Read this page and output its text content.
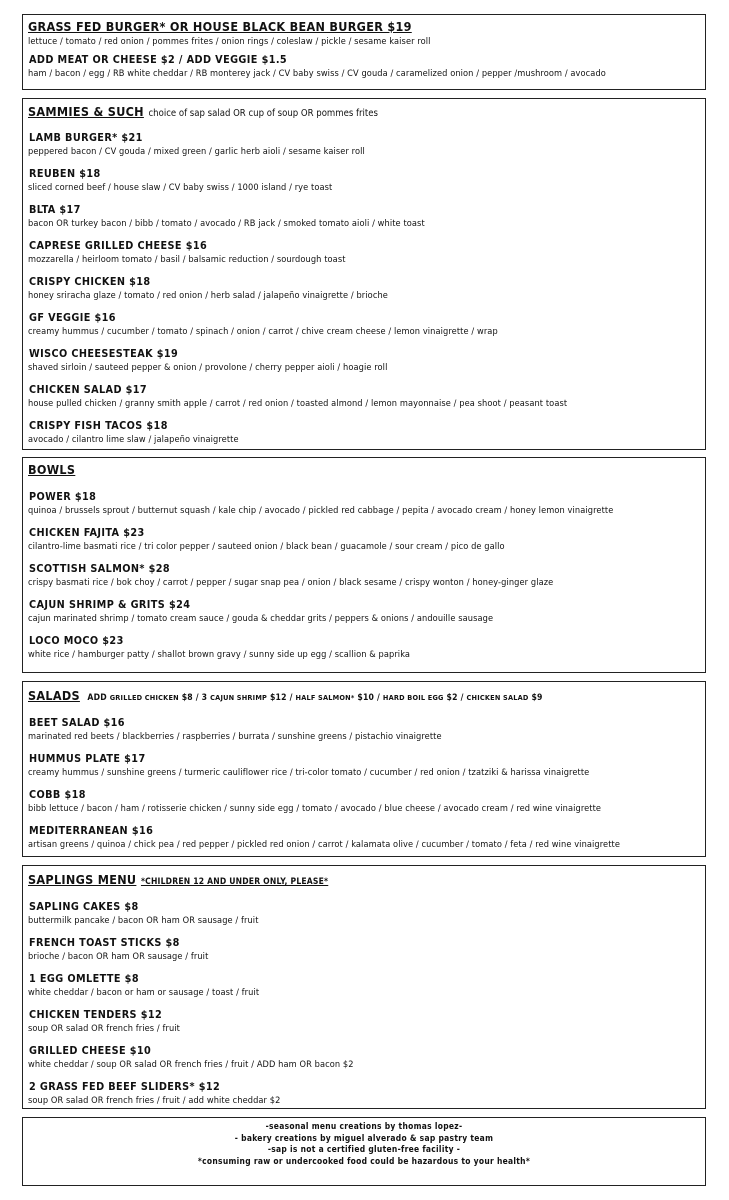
GRASS FED BURGER* OR HOUSE BLACK BEAN BURGER $19
lettuce / tomato / red onion / pommes frites / onion rings / coleslaw / pickle / sesame kaiser roll
ADD MEAT OR CHEESE $2 / ADD VEGGIE $1.5
ham / bacon / egg / RB white cheddar / RB monterey jack / CV baby swiss / CV gouda / caramelized onion / pepper /mushroom / avocado
SAMMIES & SUCH choice of sap salad OR cup of soup OR pommes frites
LAMB BURGER* $21
peppered bacon / CV gouda / mixed green / garlic herb aioli / sesame kaiser roll
REUBEN $18
sliced corned beef / house slaw / CV baby swiss / 1000 island / rye toast
BLTA $17
bacon OR turkey bacon / bibb / tomato / avocado / RB jack / smoked tomato aioli / white toast
CAPRESE GRILLED CHEESE $16
mozzarella / heirloom tomato / basil / balsamic reduction / sourdough toast
CRISPY CHICKEN $18
honey sriracha glaze / tomato / red onion / herb salad / jalapeño vinaigrette / brioche
GF VEGGIE $16
creamy hummus / cucumber / tomato / spinach / onion / carrot / chive cream cheese / lemon vinaigrette / wrap
WISCO CHEESESTEAK $19
shaved sirloin / sauteed pepper & onion / provolone / cherry pepper aioli / hoagie roll
CHICKEN SALAD $17
house pulled chicken / granny smith apple / carrot / red onion / toasted almond / lemon mayonnaise / pea shoot / peasant toast
CRISPY FISH TACOS $18
avocado / cilantro lime slaw / jalapeño vinaigrette
BOWLS
POWER $18
quinoa / brussels sprout / butternut squash / kale chip / avocado / pickled red cabbage / pepita / avocado cream / honey lemon vinaigrette
CHICKEN FAJITA $23
cilantro-lime basmati rice / tri color pepper / sauteed onion / black bean / guacamole / sour cream / pico de gallo
SCOTTISH SALMON* $28
crispy basmati rice / bok choy / carrot / pepper / sugar snap pea / onion / black sesame / crispy wonton / honey-ginger glaze
CAJUN SHRIMP & GRITS $24
cajun marinated shrimp / tomato cream sauce / gouda & cheddar grits / peppers & onions / andouille sausage
LOCO MOCO $23
white rice / hamburger patty / shallot brown gravy / sunny side up egg / scallion & paprika
SALADS ADD GRILLED CHICKEN $8 / 3 CAJUN SHRIMP $12 / HALF SALMON* $10 / HARD BOIL EGG $2 / CHICKEN SALAD $9
BEET SALAD $16
marinated red beets / blackberries / raspberries / burrata / sunshine greens / pistachio vinaigrette
HUMMUS PLATE $17
creamy hummus / sunshine greens / turmeric cauliflower rice / tri-color tomato / cucumber / red onion / tzatziki & harissa vinaigrette
COBB $18
bibb lettuce / bacon / ham / rotisserie chicken / sunny side egg / tomato / avocado / blue cheese / avocado cream / red wine vinaigrette
MEDITERRANEAN $16
artisan greens / quinoa / chick pea / red pepper / pickled red onion / carrot / kalamata olive / cucumber / tomato / feta / red wine vinaigrette
SAPLINGS MENU *CHILDREN 12 AND UNDER ONLY, PLEASE*
SAPLING CAKES $8
buttermilk pancake / bacon OR ham OR sausage / fruit
FRENCH TOAST STICKS $8
brioche / bacon OR ham OR sausage / fruit
1 EGG OMLETTE $8
white cheddar / bacon or ham or sausage / toast / fruit
CHICKEN TENDERS $12
soup OR salad OR french fries / fruit
GRILLED CHEESE $10
white cheddar / soup OR salad OR french fries / fruit / ADD ham OR bacon $2
2 GRASS FED BEEF SLIDERS* $12
soup OR salad OR french fries / fruit / add white cheddar $2
-seasonal menu creations by thomas lopez-
- bakery creations by miguel alverado & sap pastry team
-sap is not a certified gluten-free facility -
*consuming raw or undercooked food could be hazardous to your health*
